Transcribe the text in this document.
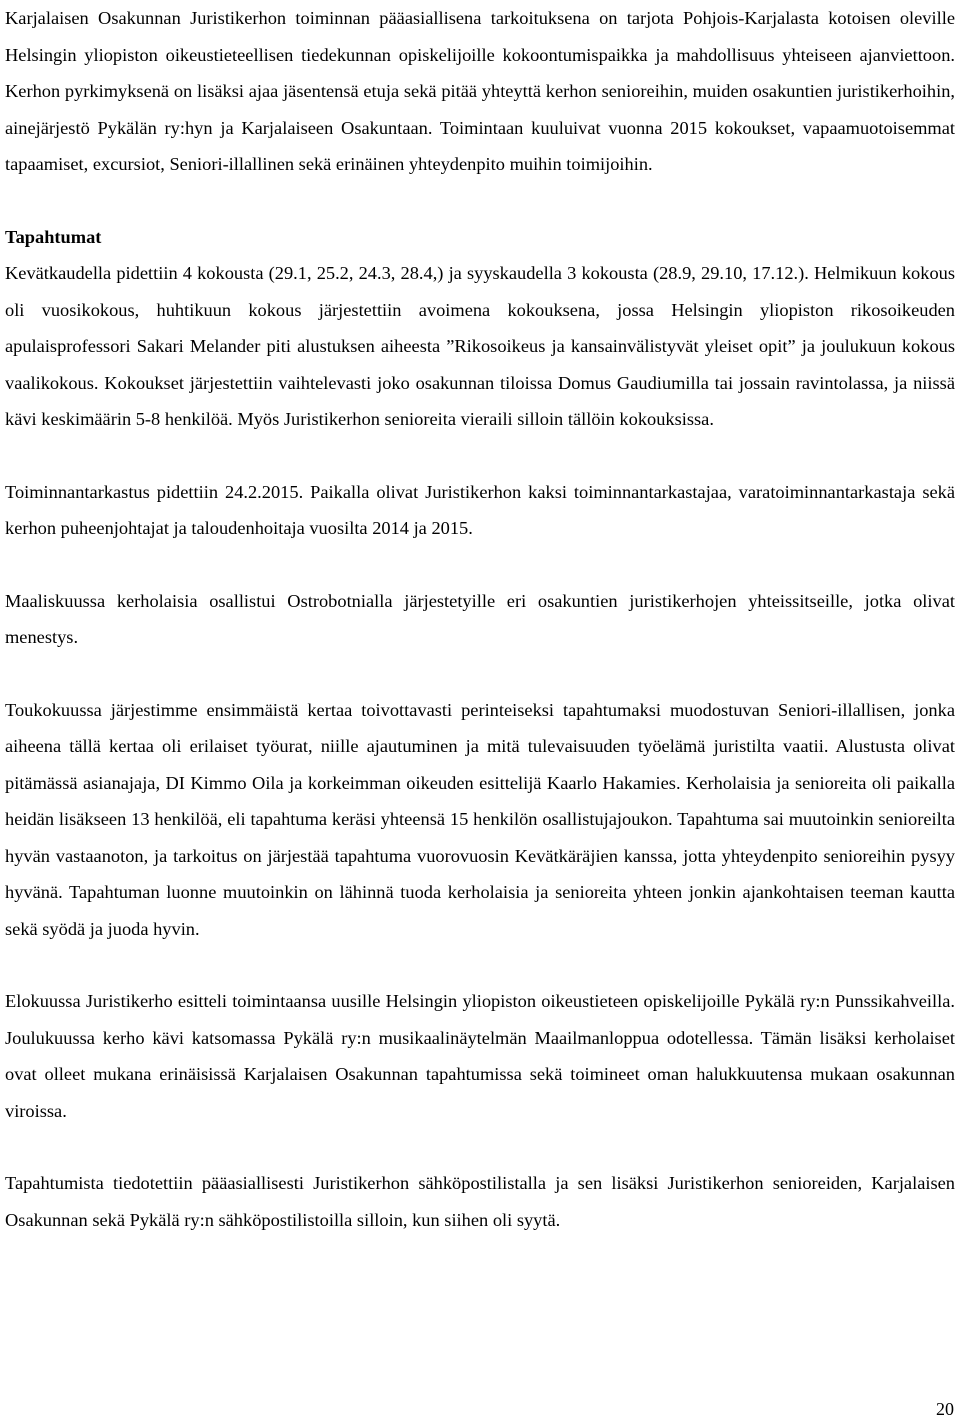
Karjalaisen Osakunnan Juristikerhon toiminnan pääasiallisena tarkoituksena on tarjota Pohjois-Karjalasta kotoisen oleville Helsingin yliopiston oikeustieteellisen tiedekunnan opiskelijoille kokoontumispaikka ja mahdollisuus yhteiseen ajanviettoon. Kerhon pyrkimyksenä on lisäksi ajaa jäsentensä etuja sekä pitää yhteyttä kerhon senioreihin, muiden osakuntien juristikerhoihin, ainejärjestö Pykälän ry:hyn ja Karjalaiseen Osakuntaan. Toimintaan kuuluivat vuonna 2015 kokoukset, vapaamuotoisemmat tapaamiset, excursiot, Seniori-illallinen sekä erinäinen yhteydenpito muihin toimijoihin.

Tapahtumat

Kevätkaudella pidettiin 4 kokousta (29.1, 25.2, 24.3, 28.4,) ja syyskaudella 3 kokousta (28.9, 29.10, 17.12.). Helmikuun kokous oli vuosikokous, huhtikuun kokous järjestettiin avoimena kokouksena, jossa Helsingin yliopiston rikosoikeuden apulaisprofessori Sakari Melander piti alustuksen aiheesta ”Rikosoikeus ja kansainvälistyvät yleiset opit” ja joulukuun kokous vaalikokous. Kokoukset järjestettiin vaihtelevasti joko osakunnan tiloissa Domus Gaudiumilla tai jossain ravintolassa, ja niissä kävi keskimäärin 5-8 henkilöä. Myös Juristikerhon senioreita vieraili silloin tällöin kokouksissa.

Toiminnantarkastus pidettiin 24.2.2015. Paikalla olivat Juristikerhon kaksi toiminnantarkastajaa, varatoiminnantarkastaja sekä kerhon puheenjohtajat ja taloudenhoitaja vuosilta 2014 ja 2015.

Maaliskuussa kerholaisia osallistui Ostrobotnialla järjestetyille eri osakuntien juristikerhojen yhteissitseille, jotka olivat menestys.

Toukokuussa järjestimme ensimmäistä kertaa toivottavasti perinteiseksi tapahtumaksi muodostuvan Seniori-illallisen, jonka aiheena tällä kertaa oli erilaiset työurat, niille ajautuminen ja mitä tulevaisuuden työelämä juristilta vaatii. Alustusta olivat pitämässä asianajaja, DI Kimmo Oila ja korkeimman oikeuden esittelijä Kaarlo Hakamies. Kerholaisia ja senioreita oli paikalla heidän lisäkseen 13 henkilöä, eli tapahtuma keräsi yhteensä 15 henkilön osallistujajoukon. Tapahtuma sai muutoinkin senioreilta hyvän vastaanoton, ja tarkoitus on järjestää tapahtuma vuorovuosin Kevätkäräjien kanssa, jotta yhteydenpito senioreihin pysyy hyvänä. Tapahtuman luonne muutoinkin on lähinnä tuoda kerholaisia ja senioreita yhteen jonkin ajankohtaisen teeman kautta sekä syödä ja juoda hyvin.

Elokuussa Juristikerho esitteli toimintaansa uusille Helsingin yliopiston oikeustieteen opiskelijoille Pykälä ry:n Punssikahveilla. Joulukuussa kerho kävi katsomassa Pykälä ry:n musikaalinäytelmän Maailmanloppua odotellessa. Tämän lisäksi kerholaiset ovat olleet mukana erinäisissä Karjalaisen Osakunnan tapahtumissa sekä toimineet oman halukkuutensa mukaan osakunnan viroissa.

Tapahtumista tiedotettiin pääasiallisesti Juristikerhon sähköpostilistalla ja sen lisäksi Juristikerhon senioreiden, Karjalaisen Osakunnan sekä Pykälä ry:n sähköpostilistoilla silloin, kun siihen oli syytä.

20
